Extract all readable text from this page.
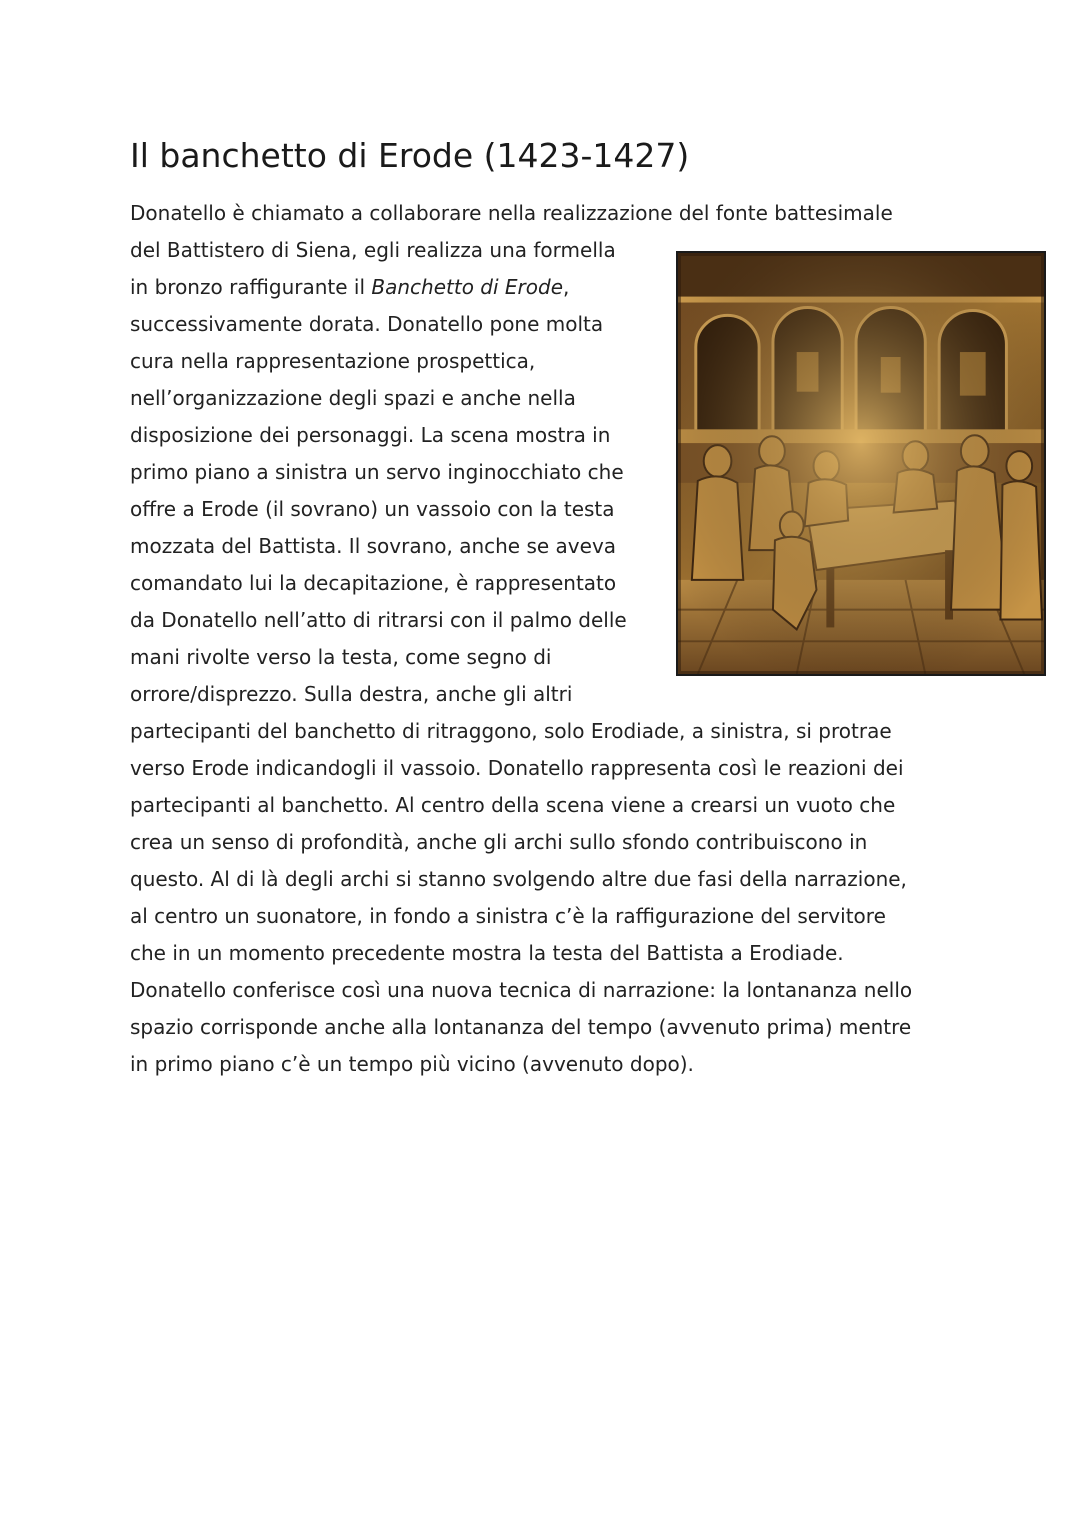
Il banchetto di Erode (1423-1427)
Donatello è chiamato a collaborare nella realizzazione del fonte battesimale
del Battistero di Siena, egli realizza una formella
in bronzo raffigurante il Banchetto di Erode,
successivamente dorata. Donatello pone molta
cura nella rappresentazione prospettica,
nell’organizzazione degli spazi e anche nella
disposizione dei personaggi. La scena mostra in
primo piano a sinistra un servo inginocchiato che
offre a Erode (il sovrano) un vassoio con la testa
mozzata del Battista. Il sovrano, anche se aveva
comandato lui la decapitazione, è rappresentato
da Donatello nell’atto di ritrarsi con il palmo delle
mani rivolte verso la testa, come segno di
orrore/disprezzo. Sulla destra, anche gli altri
partecipanti del banchetto di ritraggono, solo Erodiade, a sinistra, si protrae
verso Erode indicandogli il vassoio. Donatello rappresenta così le reazioni dei
partecipanti al banchetto. Al centro della scena viene a crearsi un vuoto che
crea un senso di profondità, anche gli archi sullo sfondo contribuiscono in
questo. Al di là degli archi si stanno svolgendo altre due fasi della narrazione,
al centro un suonatore, in fondo a sinistra c’è la raffigurazione del servitore
che in un momento precedente mostra la testa del Battista a Erodiade.
Donatello conferisce così una nuova tecnica di narrazione: la lontananza nello
spazio corrisponde anche alla lontananza del tempo (avvenuto prima) mentre
in primo piano c’è un tempo più vicino (avvenuto dopo).
